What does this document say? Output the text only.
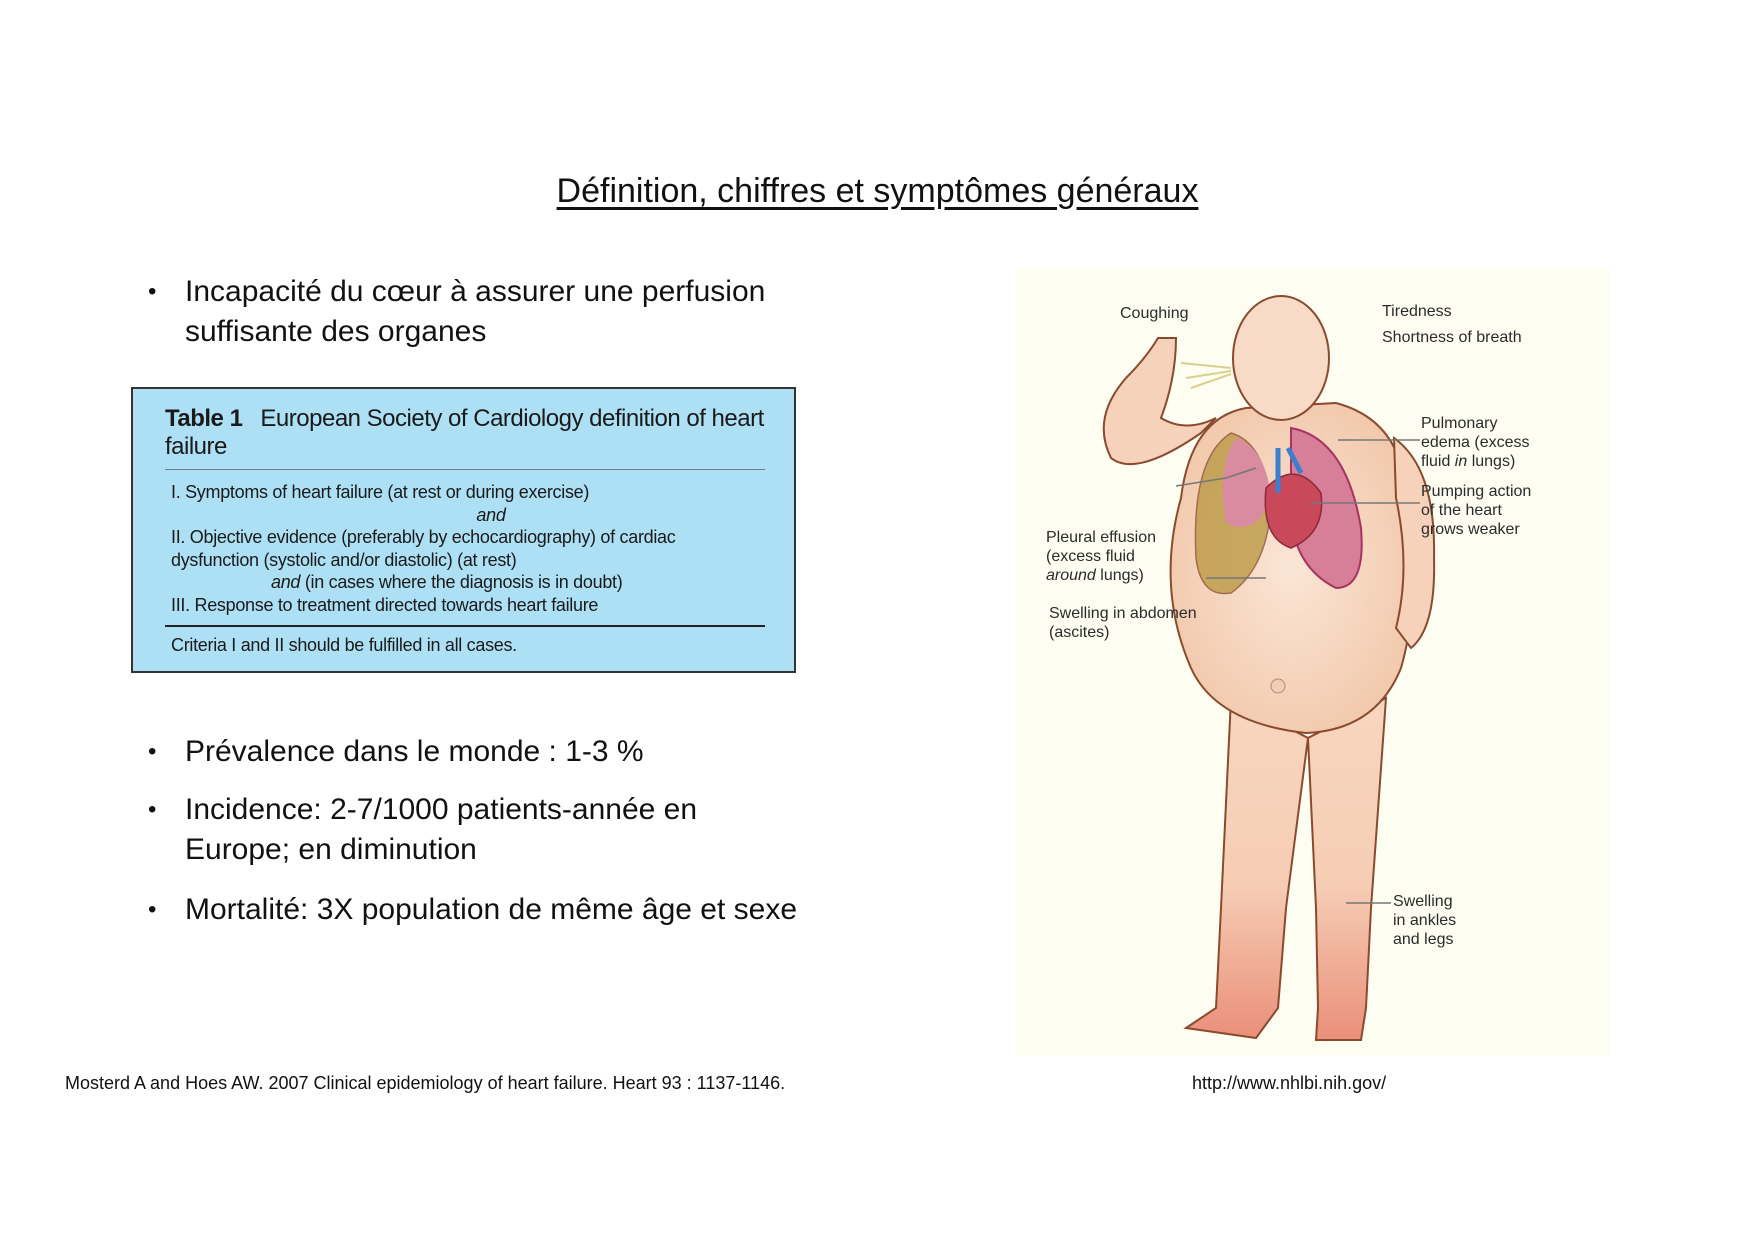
Définition, chiffres et symptômes généraux
• Incapacité du cœur à assurer une perfusion
suffisante des organes
Table 1 European Society of Cardiology definition of heart failure
I. Symptoms of heart failure (at rest or during exercise)
and
II. Objective evidence (preferably by echocardiography) of cardiac
dysfunction (systolic and/or diastolic) (at rest)
and (in cases where the diagnosis is in doubt)
III. Response to treatment directed towards heart failure
Criteria I and II should be fulfilled in all cases.
• Prévalence dans le monde : 1-3 %
• Incidence: 2-7/1000 patients-année en
Europe; en diminution
• Mortalité: 3X population de même âge et sexe
Coughing	Tiredness
Shortness of breath
Pulmonary
edema (excess
fluid in lungs)
Pumping action
of the heart
grows weaker
Pleural effusion
(excess fluid
around lungs)
Swelling in abdomen
(ascites)
Swelling
in ankles
and legs
Mosterd A and Hoes AW. 2007 Clinical epidemiology of heart failure. Heart 93 : 1137-1146.	http://www.nhlbi.nih.gov/
